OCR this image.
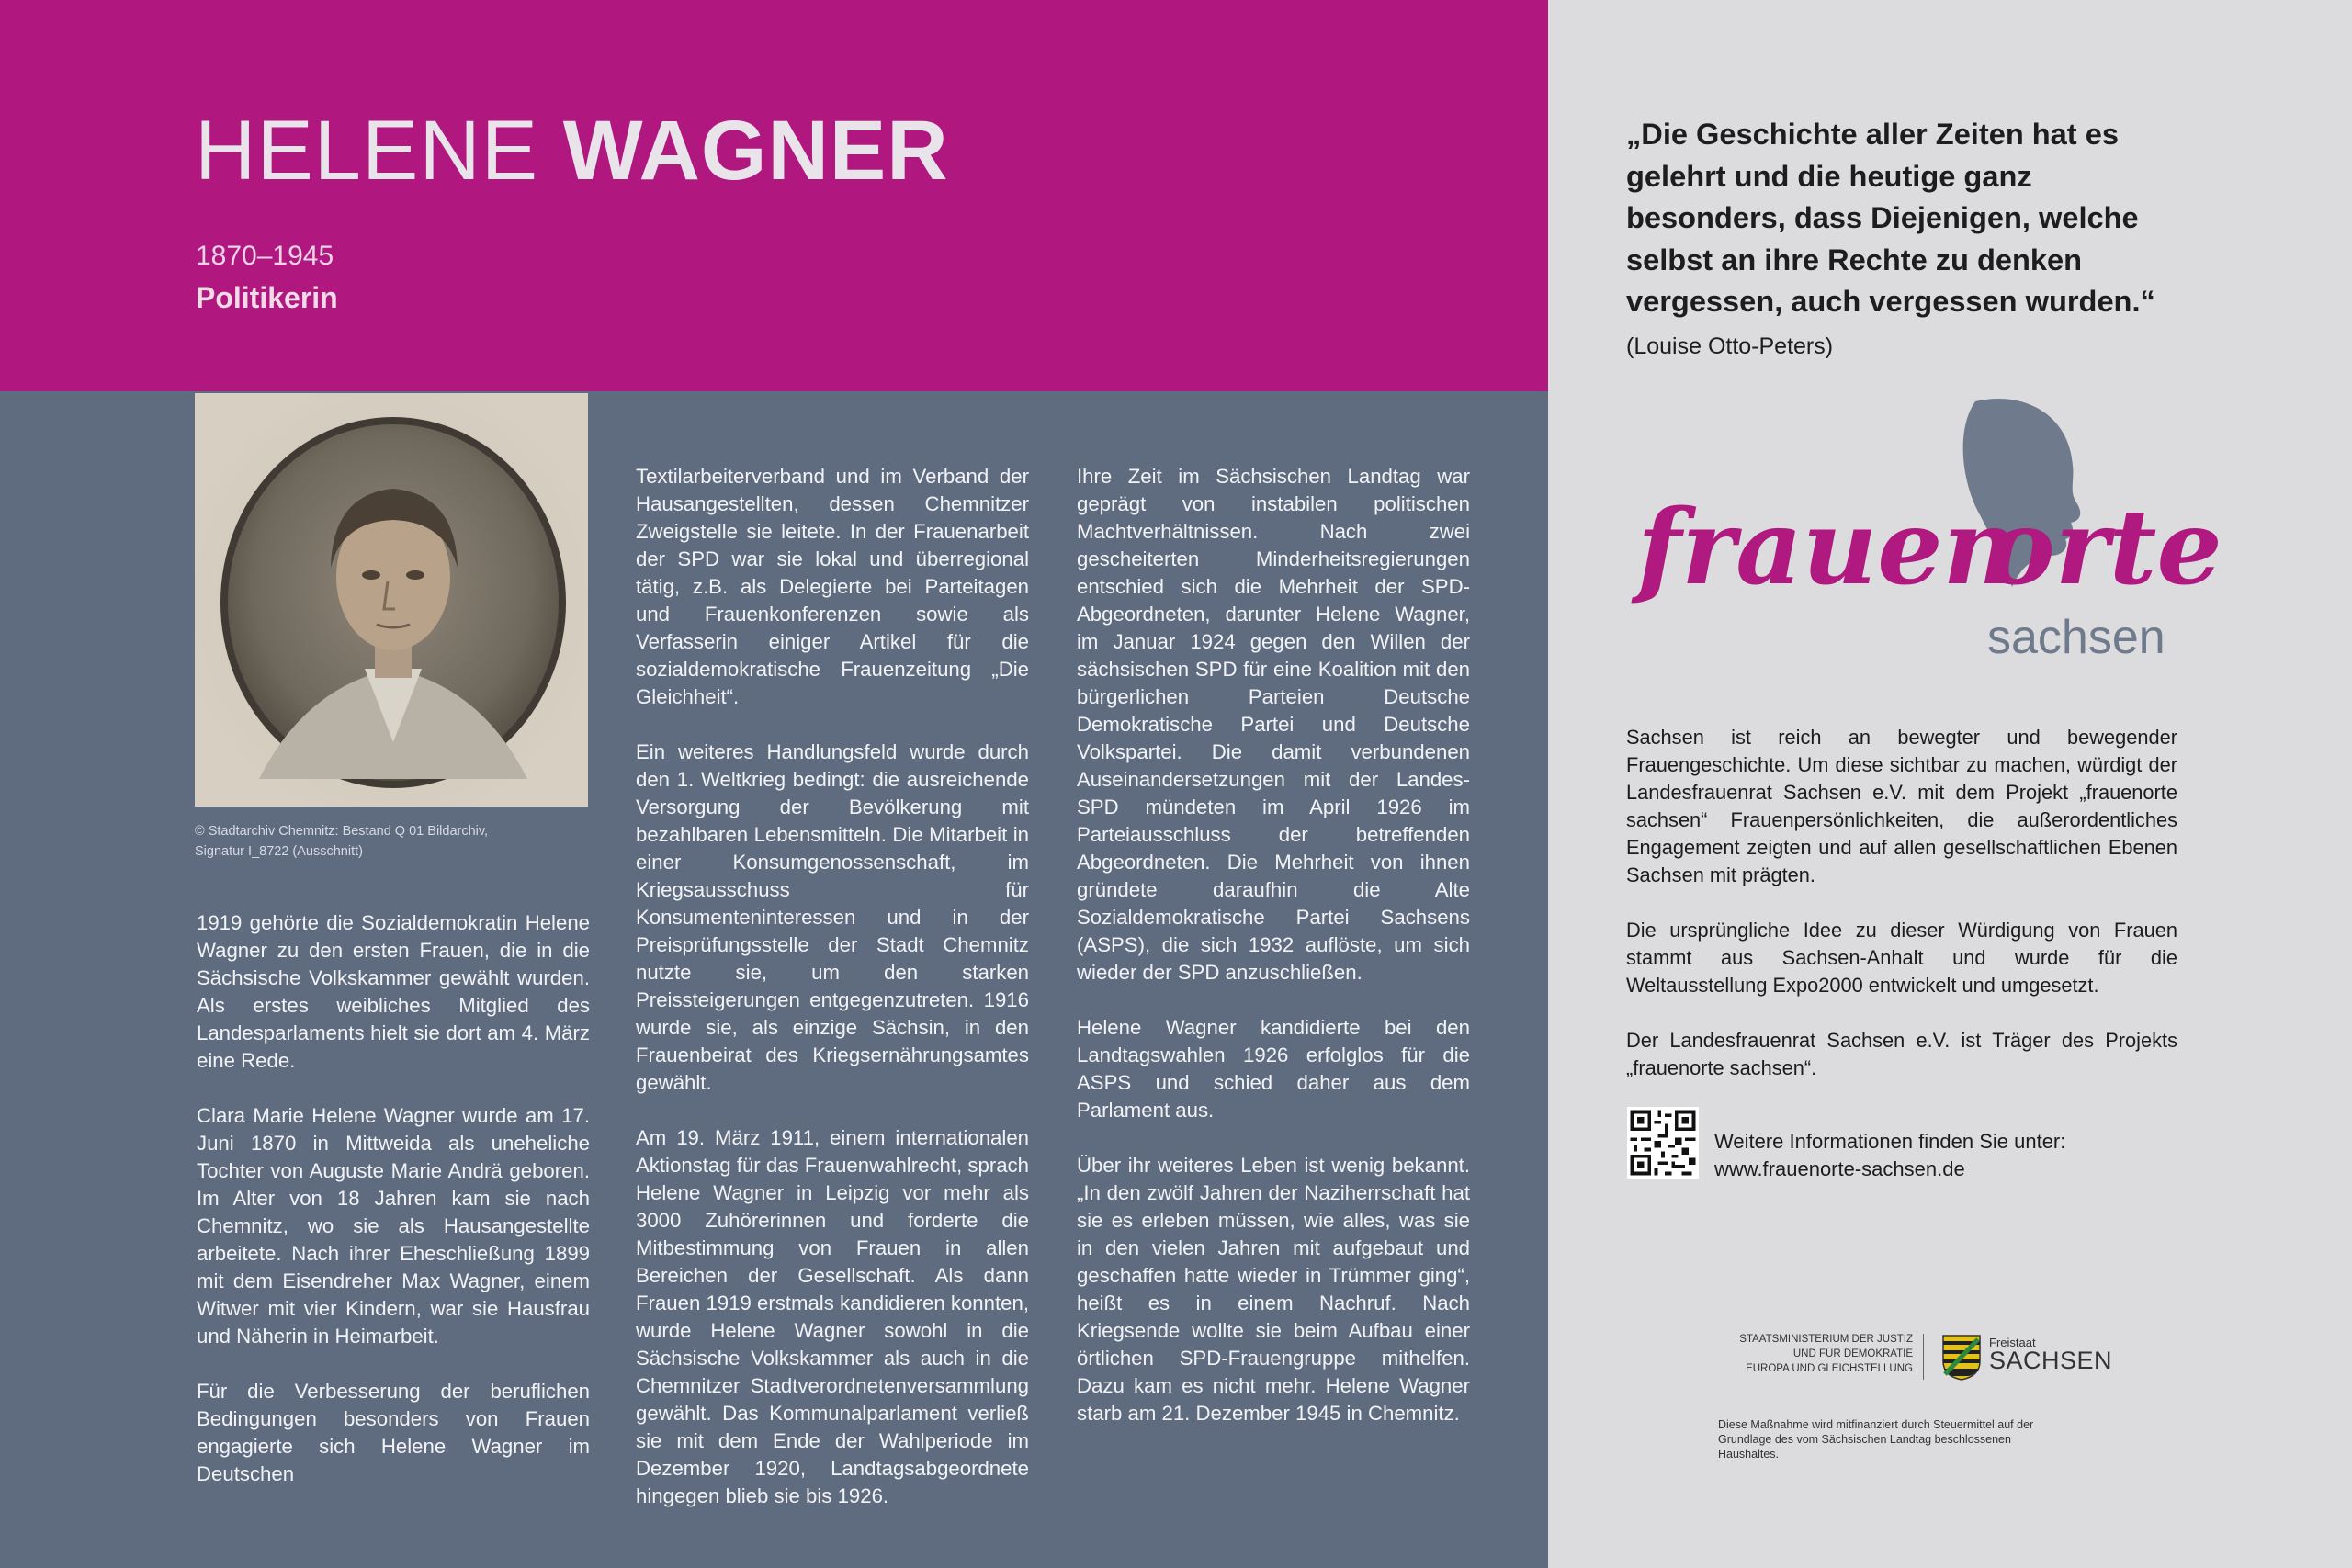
HELENE WAGNER
1870–1945
Politikerin
© Stadtarchiv Chemnitz: Bestand Q 01 Bildarchiv,
Signatur I_8722 (Ausschnitt)

1919 gehörte die Sozialdemokratin Helene Wagner zu den ersten Frauen, die in die Sächsische Volkskammer gewählt wurden. Als erstes weibliches Mitglied des Landesparlaments hielt sie dort am 4. März eine Rede.

Clara Marie Helene Wagner wurde am 17. Juni 1870 in Mittweida als uneheliche Tochter von Auguste Marie Andrä geboren. Im Alter von 18 Jahren kam sie nach Chemnitz, wo sie als Hausangestellte arbeitete. Nach ihrer Eheschließung 1899 mit dem Eisendreher Max Wagner, einem Witwer mit vier Kindern, war sie Hausfrau und Näherin in Heimarbeit.

Für die Verbesserung der beruflichen Bedingungen besonders von Frauen engagierte sich Helene Wagner im Deutschen

Textilarbeiterverband und im Verband der Hausangestellten, dessen Chemnitzer Zweigstelle sie leitete. In der Frauenarbeit der SPD war sie lokal und überregional tätig, z.B. als Delegierte bei Parteitagen und Frauenkonferenzen sowie als Verfasserin einiger Artikel für die sozialdemokratische Frauenzeitung „Die Gleichheit“.

Ein weiteres Handlungsfeld wurde durch den 1. Weltkrieg bedingt: die ausreichende Versorgung der Bevölkerung mit bezahlbaren Lebensmitteln. Die Mitarbeit in einer Konsumgenossenschaft, im Kriegsausschuss für Konsumenteninteressen und in der Preisprüfungsstelle der Stadt Chemnitz nutzte sie, um den starken Preissteigerungen entgegenzutreten. 1916 wurde sie, als einzige Sächsin, in den Frauenbeirat des Kriegsernährungsamtes gewählt.

Am 19. März 1911, einem internationalen Aktionstag für das Frauenwahlrecht, sprach Helene Wagner in Leipzig vor mehr als 3000 Zuhörerinnen und forderte die Mitbestimmung von Frauen in allen Bereichen der Gesellschaft. Als dann Frauen 1919 erstmals kandidieren konnten, wurde Helene Wagner sowohl in die Sächsische Volkskammer als auch in die Chemnitzer Stadtverordnetenversammlung gewählt. Das Kommunalparlament verließ sie mit dem Ende der Wahlperiode im Dezember 1920, Landtagsabgeordnete hingegen blieb sie bis 1926.

Ihre Zeit im Sächsischen Landtag war geprägt von instabilen politischen Machtverhältnissen. Nach zwei gescheiterten Minderheitsregierungen entschied sich die Mehrheit der SPD-Abgeordneten, darunter Helene Wagner, im Januar 1924 gegen den Willen der sächsischen SPD für eine Koalition mit den bürgerlichen Parteien Deutsche Demokratische Partei und Deutsche Volkspartei. Die damit verbundenen Auseinandersetzungen mit der Landes-SPD mündeten im April 1926 im Parteiausschluss der betreffenden Abgeordneten. Die Mehrheit von ihnen gründete daraufhin die Alte Sozialdemokratische Partei Sachsens (ASPS), die sich 1932 auflöste, um sich wieder der SPD anzuschließen.

Helene Wagner kandidierte bei den Landtagswahlen 1926 erfolglos für die ASPS und schied daher aus dem Parlament aus.

Über ihr weiteres Leben ist wenig bekannt. „In den zwölf Jahren der Naziherrschaft hat sie es erleben müssen, wie alles, was sie in den vielen Jahren mit aufgebaut und geschaffen hatte wieder in Trümmer ging“, heißt es in einem Nachruf. Nach Kriegsende wollte sie beim Aufbau einer örtlichen SPD-Frauengruppe mithelfen. Dazu kam es nicht mehr. Helene Wagner starb am 21. Dezember 1945 in Chemnitz.

„Die Geschichte aller Zeiten hat es gelehrt und die heutige ganz besonders, dass Diejenigen, welche selbst an ihre Rechte zu denken vergessen, auch vergessen wurden.“ (Louise Otto-Peters)
frauen
orte
sachsen

Sachsen ist reich an bewegter und bewegender Frauengeschichte. Um diese sichtbar zu machen, würdigt der Landesfrauenrat Sachsen e.V. mit dem Projekt „frauenorte sachsen“ Frauenpersönlichkeiten, die außerordentliches Engagement zeigten und auf allen gesellschaftlichen Ebenen Sachsen mit prägten.

Die ursprüngliche Idee zu dieser Würdigung von Frauen stammt aus Sachsen-Anhalt und wurde für die Weltausstellung Expo2000 entwickelt und umgesetzt.

Der Landesfrauenrat Sachsen e.V. ist Träger des Projekts „frauenorte sachsen“.

Weitere Informationen finden Sie unter:
www.frauenorte-sachsen.de
STAATSMINISTERIUM DER JUSTIZ
UND FÜR DEMOKRATIE
EUROPA UND GLEICHSTELLUNG
Freistaat
SACHSEN
Diese Maßnahme wird mitfinanziert durch Steuermittel auf der Grundlage des vom Sächsischen Landtag beschlossenen Haushaltes.
